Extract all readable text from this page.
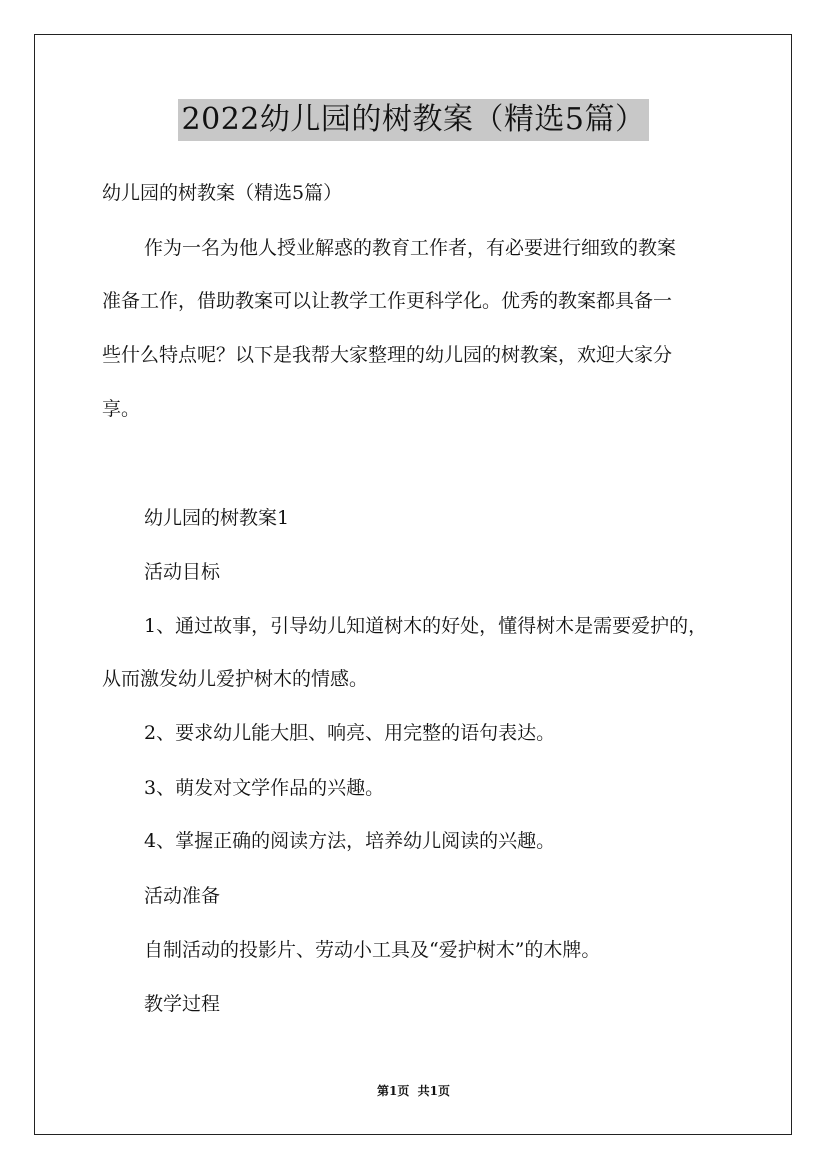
2022幼儿园的树教案（精选5篇）
幼儿园的树教案（精选5篇）
作为一名为他人授业解惑的教育工作者，有必要进行细致的教案
准备工作，借助教案可以让教学工作更科学化。优秀的教案都具备一
些什么特点呢？以下是我帮大家整理的幼儿园的树教案，欢迎大家分
享。
幼儿园的树教案1
活动目标
1、通过故事，引导幼儿知道树木的好处，懂得树木是需要爱护的，
从而激发幼儿爱护树木的情感。
2、要求幼儿能大胆、响亮、用完整的语句表达。
3、萌发对文学作品的兴趣。
4、掌握正确的阅读方法，培养幼儿阅读的兴趣。
活动准备
自制活动的投影片、劳动小工具及“爱护树木”的木牌。
教学过程
第1页 共1页
